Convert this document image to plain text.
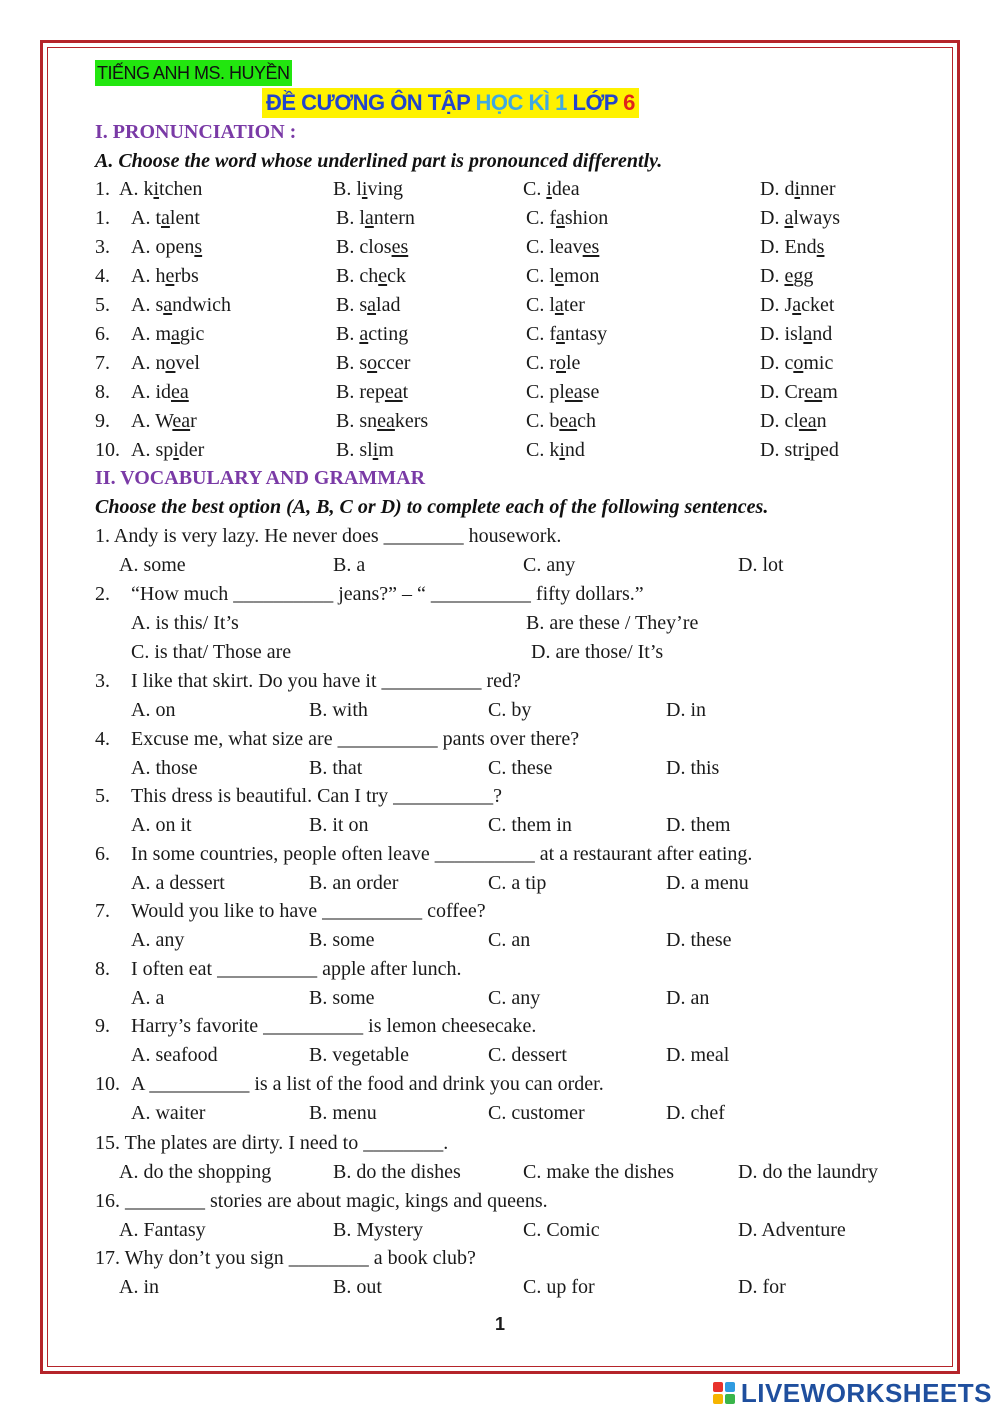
TIẾNG ANH MS. HUYỀN
ĐỀ CƯƠNG ÔN TẬP HỌC KÌ 1 LỚP 6
I. PRONUNCIATION :
A. Choose the word whose underlined part is pronounced differently.
1. A. kitchen	B. living	C. idea	D. dinner
1. A. talent	B. lantern	C. fashion	D. always
3. A. opens	B. closes	C. leaves	D. Ends
4. A. herbs	B. check	C. lemon	D. egg
5. A. sandwich	B. salad	C. later	D. Jacket
6. A. magic	B. acting	C. fantasy	D. island
7. A. novel	B. soccer	C. role	D. comic
8. A. idea	B. repeat	C. please	D. Cream
9. A. Wear	B. sneakers	C. beach	D. clean
10. A. spider	B. slim	C. kind	D. striped
II. VOCABULARY AND GRAMMAR
Choose the best option (A, B, C or D) to complete each of the following sentences.
1. Andy is very lazy. He never does ________ housework.
A. some	B. a	C. any	D. lot
2. “How much __________ jeans?” – “ __________ fifty dollars.”
A. is this/ It’s	B. are these / They’re
C. is that/ Those are	D. are those/ It’s
3. I like that skirt. Do you have it __________ red?
A. on	B. with	C. by	D. in
4. Excuse me, what size are __________ pants over there?
A. those	B. that	C. these	D. this
5. This dress is beautiful. Can I try __________?
A. on it	B. it on	C. them in	D. them
6. In some countries, people often leave __________ at a restaurant after eating.
A. a dessert	B. an order	C. a tip	D. a menu
7. Would you like to have __________ coffee?
A. any	B. some	C. an	D. these
8. I often eat __________ apple after lunch.
A. a	B. some	C. any	D. an
9. Harry’s favorite __________ is lemon cheesecake.
A. seafood	B. vegetable	C. dessert	D. meal
10. A __________ is a list of the food and drink you can order.
A. waiter	B. menu	C. customer	D. chef
15. The plates are dirty. I need to ________.
A. do the shopping	B. do the dishes	C. make the dishes	D. do the laundry
16. ________ stories are about magic, kings and queens.
A. Fantasy	B. Mystery	C. Comic	D. Adventure
17. Why don’t you sign ________ a book club?
A. in	B. out	C. up for	D. for
1
LIVEWORKSHEETS
